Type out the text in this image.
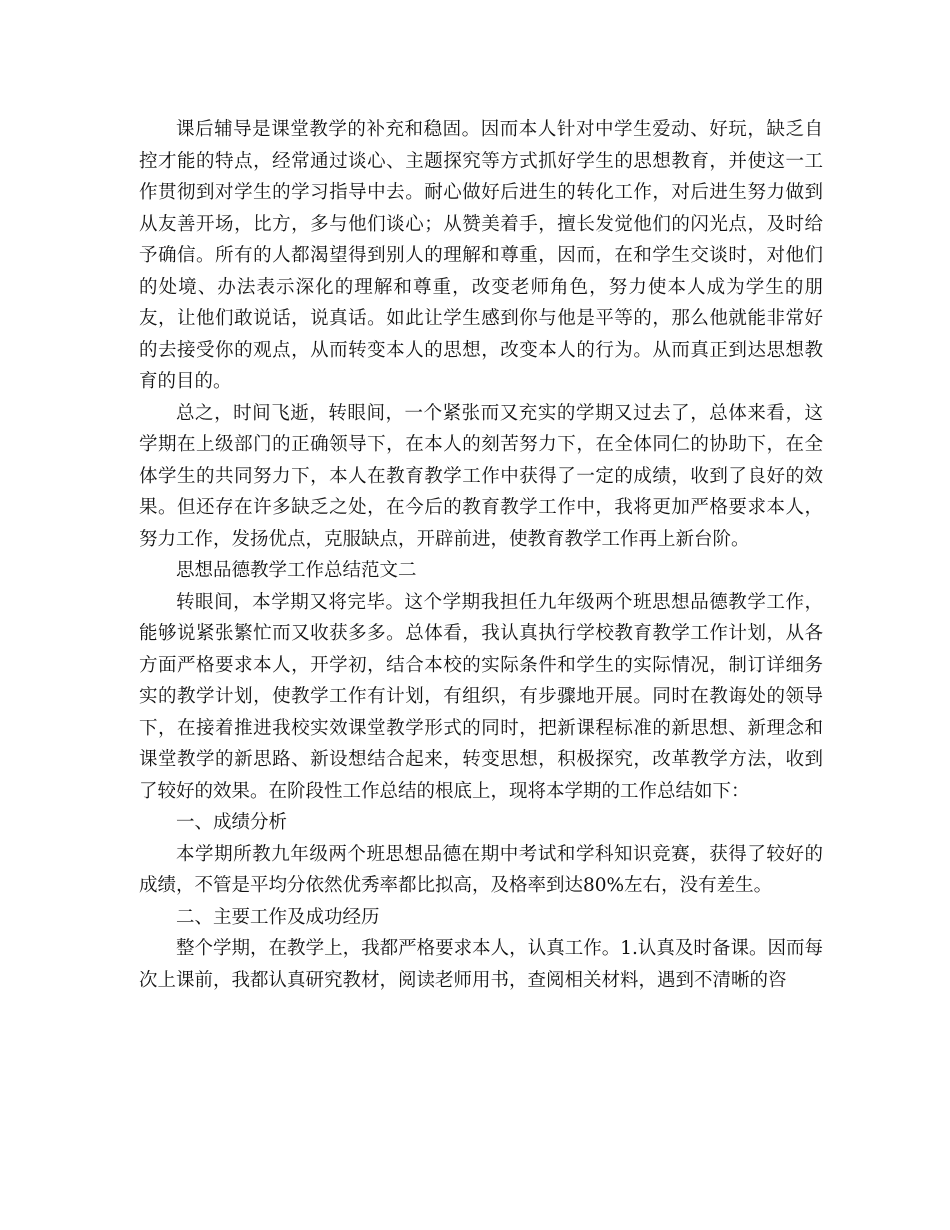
课后辅导是课堂教学的补充和稳固。因而本人针对中学生爱动、好玩，缺乏自控才能的特点，经常通过谈心、主题探究等方式抓好学生的思想教育，并使这一工作贯彻到对学生的学习指导中去。耐心做好后进生的转化工作，对后进生努力做到从友善开场，比方，多与他们谈心；从赞美着手，擅长发觉他们的闪光点，及时给予确信。所有的人都渴望得到别人的理解和尊重，因而，在和学生交谈时，对他们的处境、办法表示深化的理解和尊重，改变老师角色，努力使本人成为学生的朋友，让他们敢说话，说真话。如此让学生感到你与他是平等的，那么他就能非常好的去接受你的观点，从而转变本人的思想，改变本人的行为。从而真正到达思想教育的目的。

总之，时间飞逝，转眼间，一个紧张而又充实的学期又过去了，总体来看，这学期在上级部门的正确领导下，在本人的刻苦努力下，在全体同仁的协助下，在全体学生的共同努力下，本人在教育教学工作中获得了一定的成绩，收到了良好的效果。但还存在许多缺乏之处，在今后的教育教学工作中，我将更加严格要求本人，努力工作，发扬优点，克服缺点，开辟前进，使教育教学工作再上新台阶。

思想品德教学工作总结范文二

转眼间，本学期又将完毕。这个学期我担任九年级两个班思想品德教学工作，能够说紧张繁忙而又收获多多。总体看，我认真执行学校教育教学工作计划，从各方面严格要求本人，开学初，结合本校的实际条件和学生的实际情况，制订详细务实的教学计划，使教学工作有计划，有组织，有步骤地开展。同时在教诲处的领导下，在接着推进我校实效课堂教学形式的同时，把新课程标准的新思想、新理念和课堂教学的新思路、新设想结合起来，转变思想，积极探究，改革教学方法，收到了较好的效果。在阶段性工作总结的根底上，现将本学期的工作总结如下：

一、成绩分析

本学期所教九年级两个班思想品德在期中考试和学科知识竞赛，获得了较好的成绩，不管是平均分依然优秀率都比拟高，及格率到达80%左右，没有差生。

二、主要工作及成功经历

整个学期，在教学上，我都严格要求本人，认真工作。1.认真及时备课。因而每次上课前，我都认真研究教材，阅读老师用书，查阅相关材料，遇到不清晰的咨
